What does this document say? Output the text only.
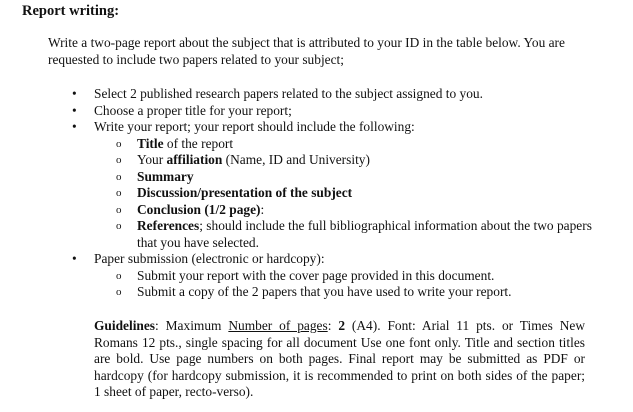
Report writing:
Write a two-page report about the subject that is attributed to your ID in the table below. You are requested to include two papers related to your subject;
• Select 2 published research papers related to the subject assigned to you.
• Choose a proper title for your report;
• Write your report; your report should include the following:
o Title of the report
o Your affiliation (Name, ID and University)
o Summary
o Discussion/presentation of the subject
o Conclusion (1/2 page):
o References; should include the full bibliographical information about the two papers that you have selected.
• Paper submission (electronic or hardcopy):
o Submit your report with the cover page provided in this document.
o Submit a copy of the 2 papers that you have used to write your report.
Guidelines: Maximum Number of pages: 2 (A4). Font: Arial 11 pts. or Times New Romans 12 pts., single spacing for all document Use one font only. Title and section titles are bold. Use page numbers on both pages. Final report may be submitted as PDF or hardcopy (for hardcopy submission, it is recommended to print on both sides of the paper; 1 sheet of paper, recto-verso).
